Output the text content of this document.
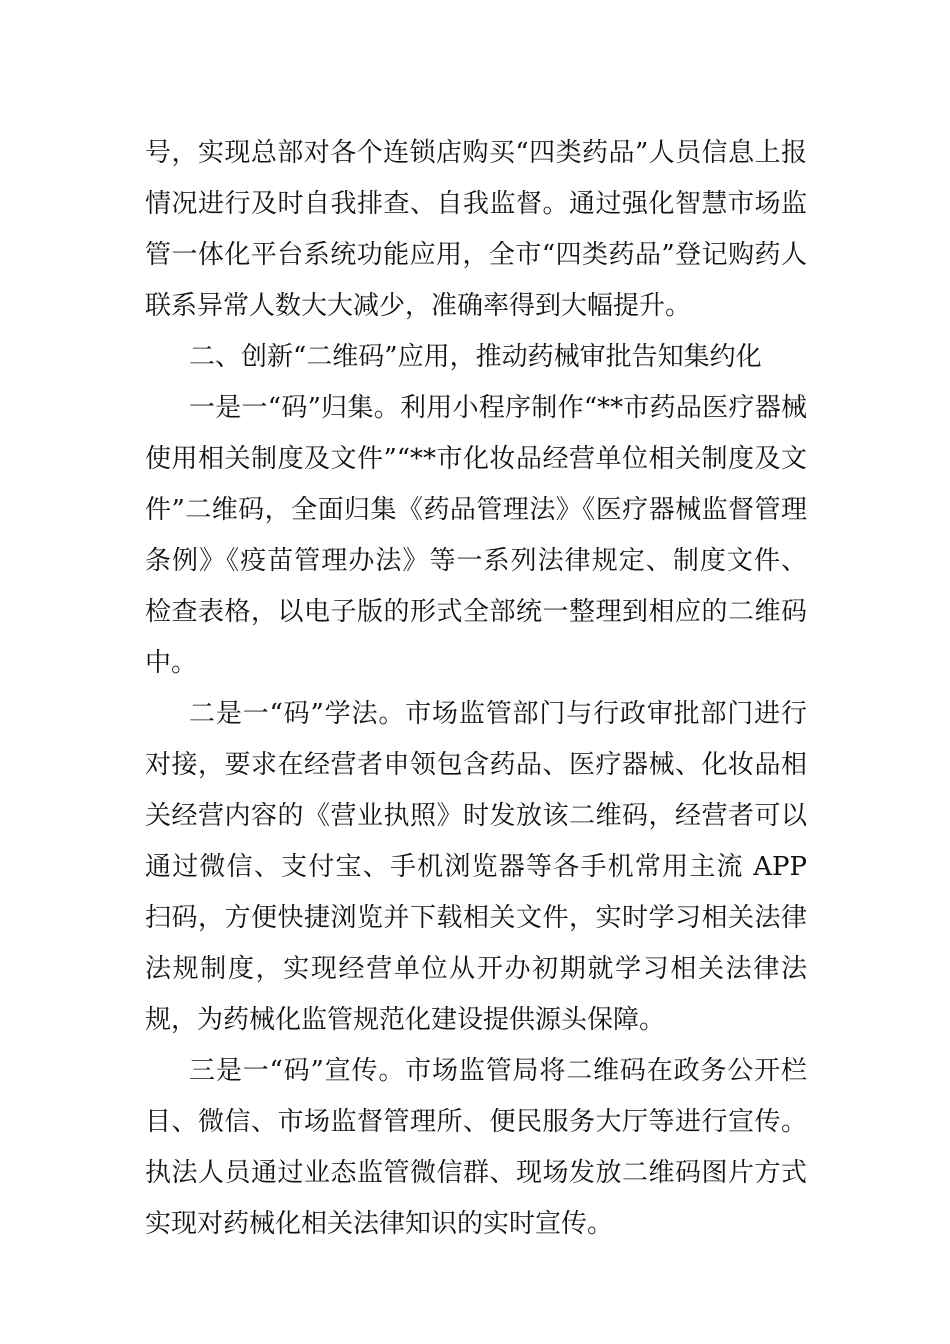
号，实现总部对各个连锁店购买“四类药品”人员信息上报情况进行及时自我排查、自我监督。通过强化智慧市场监管一体化平台系统功能应用，全市“四类药品”登记购药人联系异常人数大大减少，准确率得到大幅提升。

二、创新“二维码”应用，推动药械审批告知集约化

一是一“码”归集。利用小程序制作“**市药品医疗器械使用相关制度及文件”“**市化妆品经营单位相关制度及文件”二维码，全面归集《药品管理法》《医疗器械监督管理条例》《疫苗管理办法》等一系列法律规定、制度文件、检查表格，以电子版的形式全部统一整理到相应的二维码中。

二是一“码”学法。市场监管部门与行政审批部门进行对接，要求在经营者申领包含药品、医疗器械、化妆品相关经营内容的《营业执照》时发放该二维码，经营者可以通过微信、支付宝、手机浏览器等各手机常用主流 APP 扫码，方便快捷浏览并下载相关文件，实时学习相关法律法规制度，实现经营单位从开办初期就学习相关法律法规，为药械化监管规范化建设提供源头保障。

三是一“码”宣传。市场监管局将二维码在政务公开栏目、微信、市场监督管理所、便民服务大厅等进行宣传。执法人员通过业态监管微信群、现场发放二维码图片方式实现对药械化相关法律知识的实时宣传。
